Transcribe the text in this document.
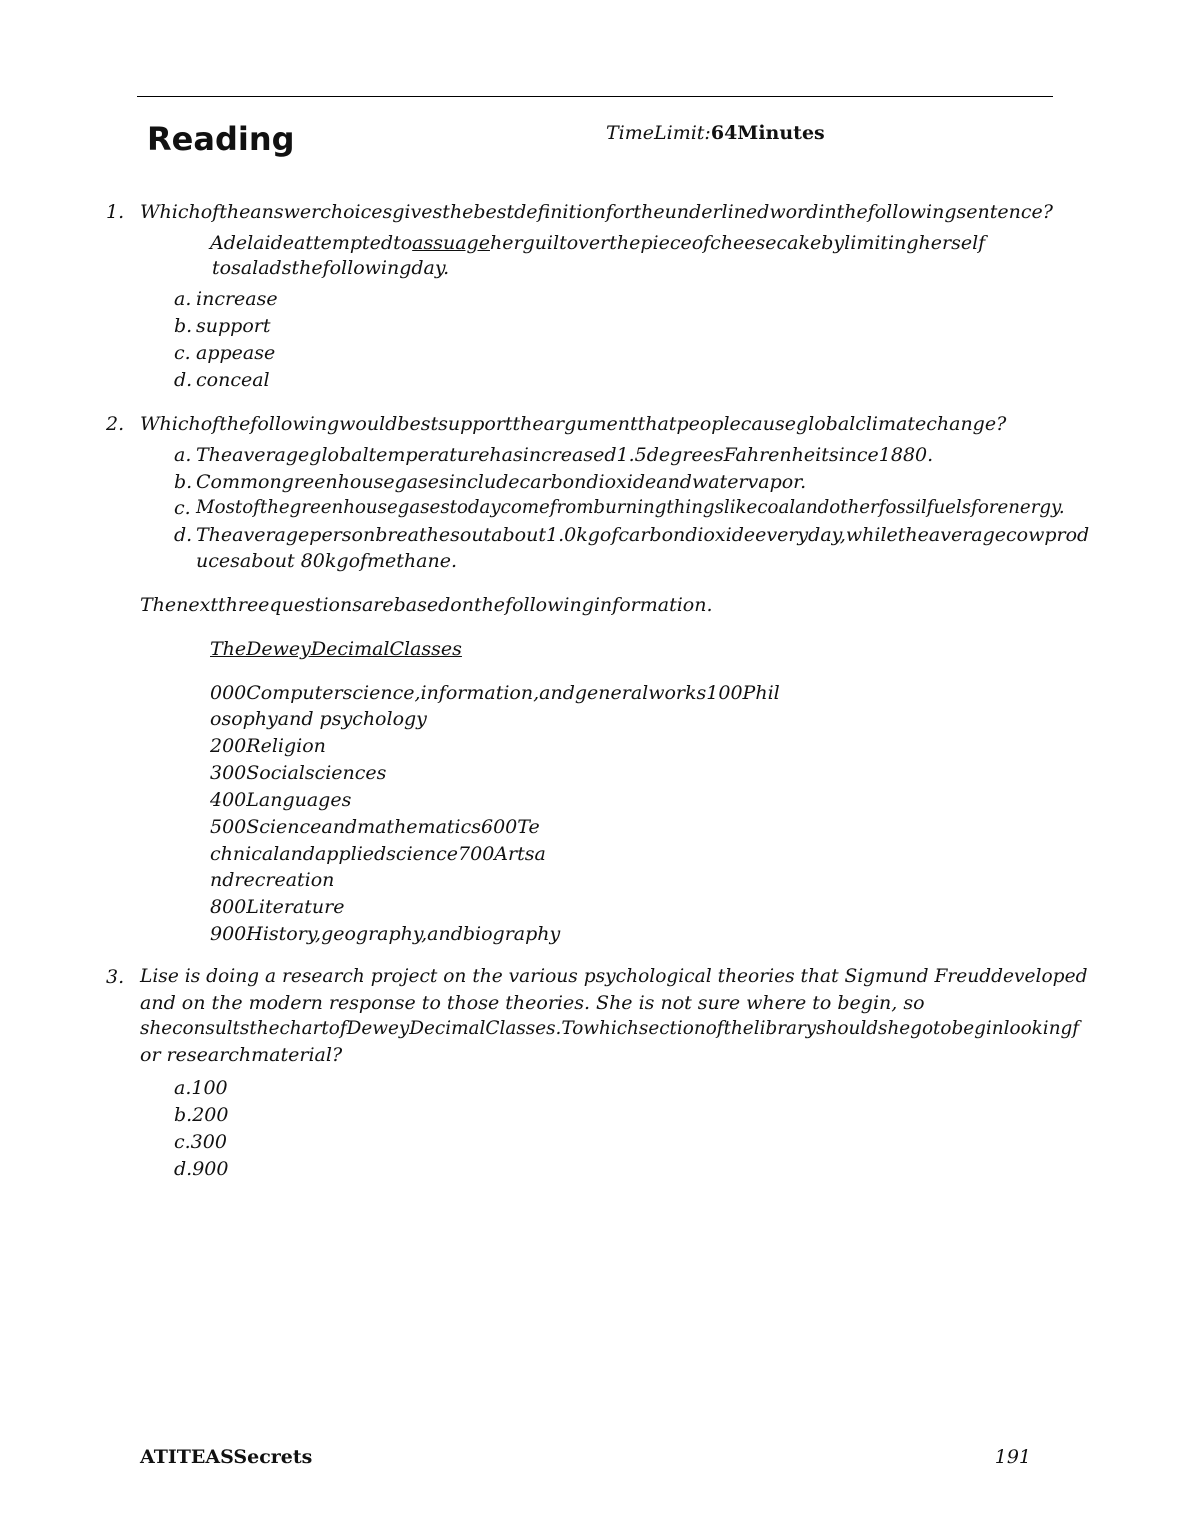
Reading	TimeLimit:64Minutes
1. Whichoftheanswerchoicesgivesthebestdefinitionfortheunderlinedwordinthefollowingsentence?
Adelaideattemptedtoassuageherguiltoverthepieceofcheesecakebylimitingherself
tosaladsthefollowingday.
a. increase
b. support
c. appease
d. conceal
2. Whichofthefollowingwouldbestsupporttheargumentthatpeoplecauseglobalclimatechange?
a. Theaverageglobaltemperaturehasincreased1.5degreesFahrenheitsince1880.
b. Commongreenhousegasesincludecarbondioxideandwatervapor.
c. Mostofthegreenhousegasestodaycomefromburningthingslikecoalandotherfossilfuelsforenergy.
d. Theaveragepersonbreathesoutabout1.0kgofcarbondioxideeveryday,whiletheaveragecowprod
ucesabout 80kgofmethane.
Thenextthreequestionsarebasedonthefollowinginformation.
TheDeweyDecimalClasses
000Computerscience,information,andgeneralworks100Phil
osophyand psychology
200Religion
300Socialsciences
400Languages
500Scienceandmathematics600Te
chnicalandappliedscience700Artsa
ndrecreation
800Literature
900History,geography,andbiography
3. Lise is doing a research project on the various psychological theories that Sigmund Freuddeveloped
and on the modern response to those theories. She is not sure where to begin, so
sheconsultsthechartofDeweyDecimalClasses.Towhichsectionofthelibraryshouldshegotobeginlookingf
or researchmaterial?
a.100
b.200
c.300
d.900
ATITEASSecrets	191
